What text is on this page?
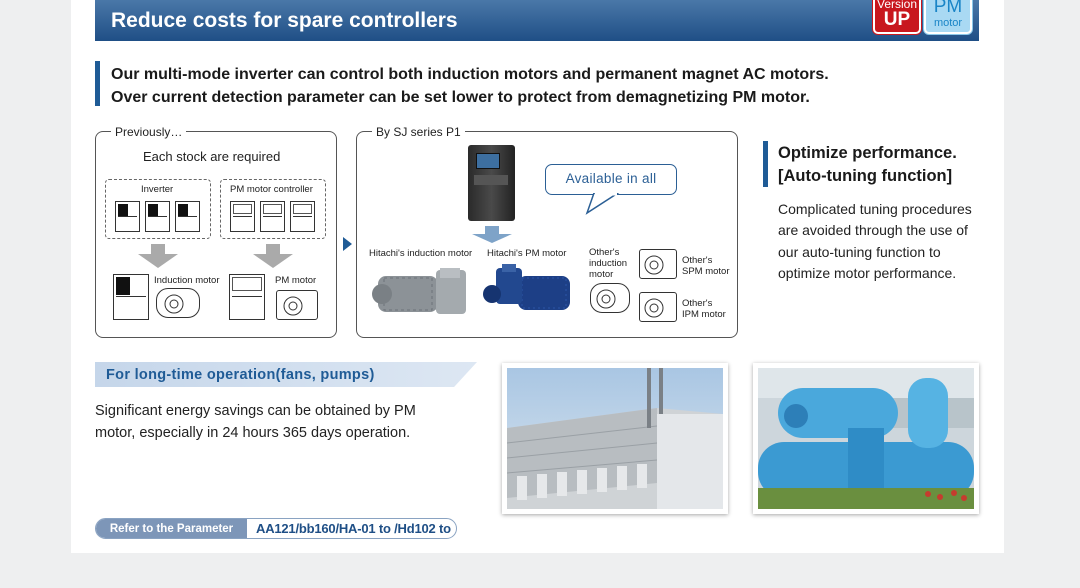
Reduce costs for spare controllers
Version
UP
PM
motor
Our multi-mode inverter can control both induction motors and permanent magnet AC motors.
Over current detection parameter can be set lower to protect from demagnetizing PM motor.
Previously…
Each stock are required
Inverter	PM motor controller
Induction motor	PM motor
By SJ series P1
Available in all
Hitachi's induction motor Hitachi's PM motor Other's
induction
motor
Other's
SPM motor
Other's
IPM motor
Optimize performance.
[Auto-tuning function]
Complicated tuning procedures are avoided through the use of our auto-tuning function to optimize motor performance.
For long-time operation(fans, pumps)
Significant energy savings can be obtained by PM motor, especially in 24 hours 365 days operation.
Refer to the Parameter	AA121/bb160/HA-01 to /Hd102 to
